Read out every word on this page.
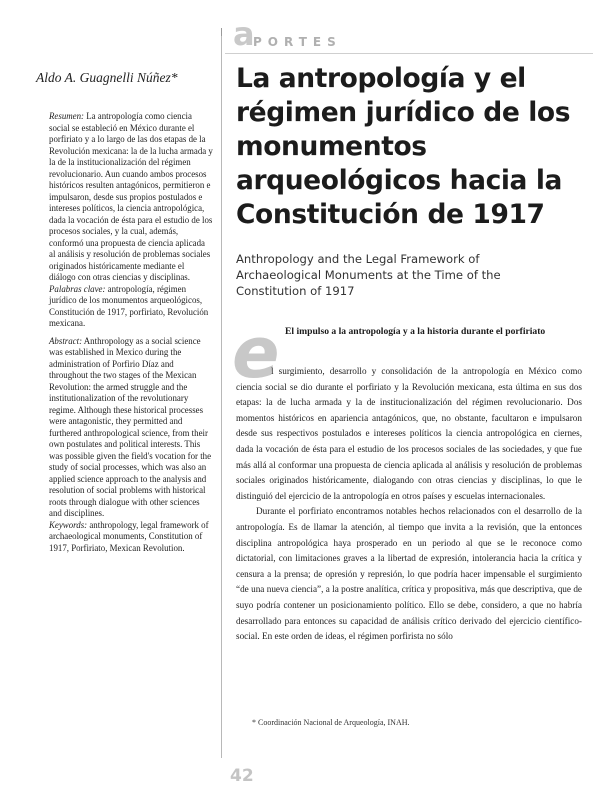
a
PORTES
Aldo A. Guagnelli Núñez*

Resumen: La antropología como ciencia social se estableció en México durante el porfiriato y a lo largo de las dos etapas de la Revolución mexicana: la de la lucha armada y la de la institucionalización del régimen revolucionario. Aun cuando ambos procesos históricos resulten antagónicos, permitieron e impulsaron, desde sus propios postulados e intereses políticos, la ciencia antropológica, dada la vocación de ésta para el estudio de los procesos sociales, y la cual, además, conformó una propuesta de ciencia aplicada al análisis y resolución de problemas sociales originados históricamente mediante el diálogo con otras ciencias y disciplinas.

Palabras clave: antropología, régimen jurídico de los monumentos arqueológicos, Constitución de 1917, porfiriato, Revolución mexicana.

Abstract: Anthropology as a social science was established in Mexico during the administration of Porfirio Díaz and throughout the two stages of the Mexican Revolution: the armed struggle and the institutionalization of the revolutionary regime. Although these historical processes were antagonistic, they permitted and furthered anthropological science, from their own postulates and political interests. This was possible given the field's vocation for the study of social processes, which was also an applied science approach to the analysis and resolution of social problems with historical roots through dialogue with other sciences and disciplines.

Keywords: anthropology, legal framework of archaeological monuments, Constitution of 1917, Porfiriato, Mexican Revolution.

La antropología y el régimen jurídico de los monumentos arqueológicos hacia la Constitución de 1917

Anthropology and the Legal Framework of Archaeological Monuments at the Time of the Constitution of 1917

e El impulso a la antropología y a la historia durante el porfiriato

l surgimiento, desarrollo y consolidación de la antropología en México como ciencia social se dio durante el porfiriato y la Revolución mexicana, esta última en sus dos etapas: la de lucha armada y la de institucionalización del régimen revolucionario. Dos momentos históricos en apariencia antagónicos, que, no obstante, facultaron e impulsaron desde sus respectivos postulados e intereses políticos la ciencia antropológica en ciernes, dada la vocación de ésta para el estudio de los procesos sociales de las sociedades, y que fue más allá al conformar una propuesta de ciencia aplicada al análisis y resolución de problemas sociales originados históricamente, dialogando con otras ciencias y disciplinas, lo que le distinguió del ejercicio de la antropología en otros países y escuelas internacionales.

Durante el porfiriato encontramos notables hechos relacionados con el desarrollo de la antropología. Es de llamar la atención, al tiempo que invita a la revisión, que la entonces disciplina antropológica haya prosperado en un periodo al que se le reconoce como dictatorial, con limitaciones graves a la libertad de expresión, intolerancia hacia la crítica y censura a la prensa; de opresión y represión, lo que podría hacer impensable el surgimiento “de una nueva ciencia”, a la postre analítica, crítica y propositiva, más que descriptiva, que de suyo podría contener un posicionamiento político. Ello se debe, considero, a que no habría desarrollado para entonces su capacidad de análisis crítico derivado del ejercicio científico-social. En este orden de ideas, el régimen porfirista no sólo

* Coordinación Nacional de Arqueología, INAH.
42
